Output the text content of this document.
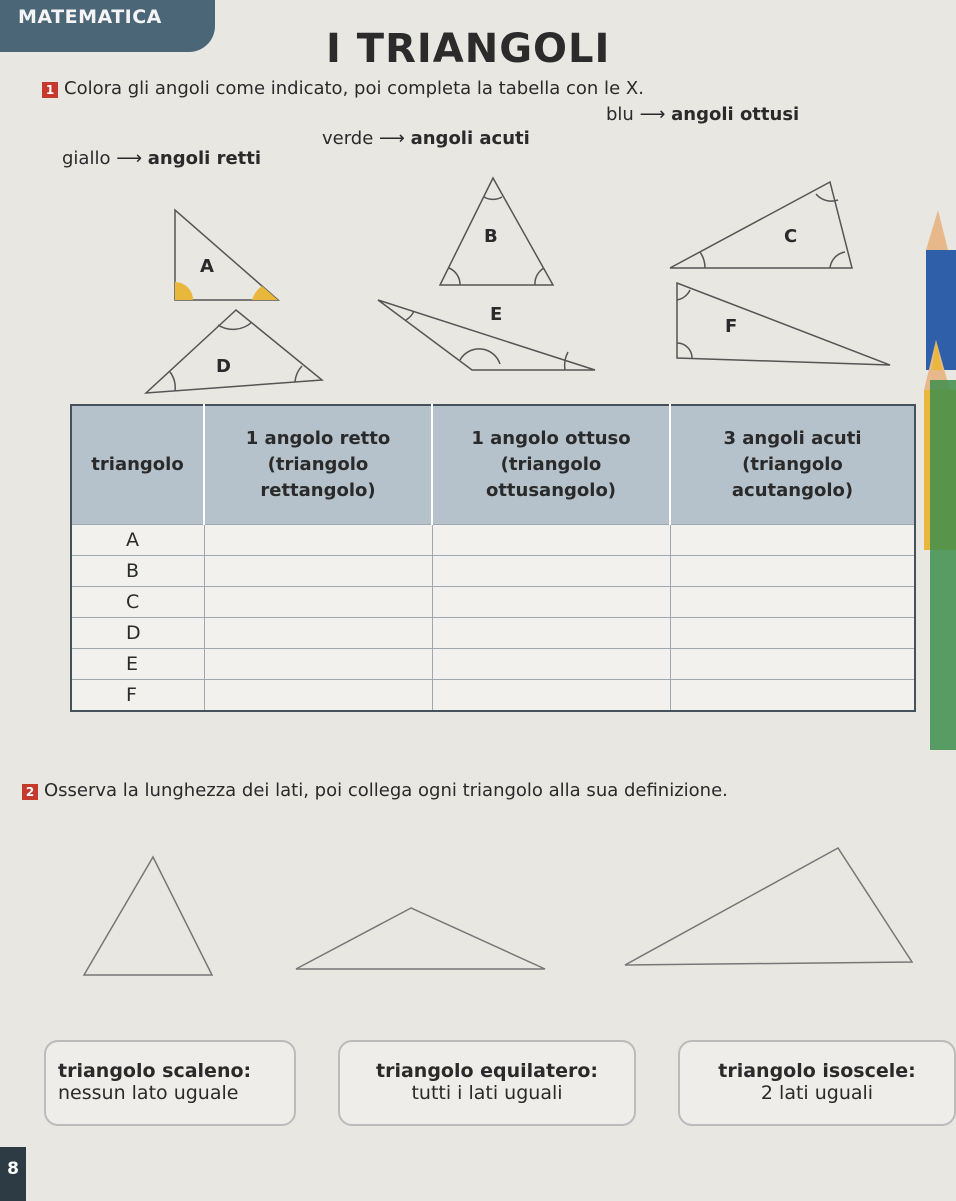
MATEMATICA
I TRIANGOLI
1 Colora gli angoli come indicato, poi completa la tabella con le X.
giallo ⟶ angoli retti
verde ⟶ angoli acuti
blu ⟶ angoli ottusi
A
B	C
D
E
F
triangolo	1 angolo retto (triangolo rettangolo)	1 angolo ottuso (triangolo ottusangolo)	3 angoli acuti (triangolo acutangolo)
A			
B			
C			
D			
E			
F			
2 Osserva la lunghezza dei lati, poi collega ogni triangolo alla sua definizione.
triangolo scaleno:
nessun lato uguale
triangolo equilatero:
tutti i lati uguali
triangolo isoscele:
2 lati uguali
8
